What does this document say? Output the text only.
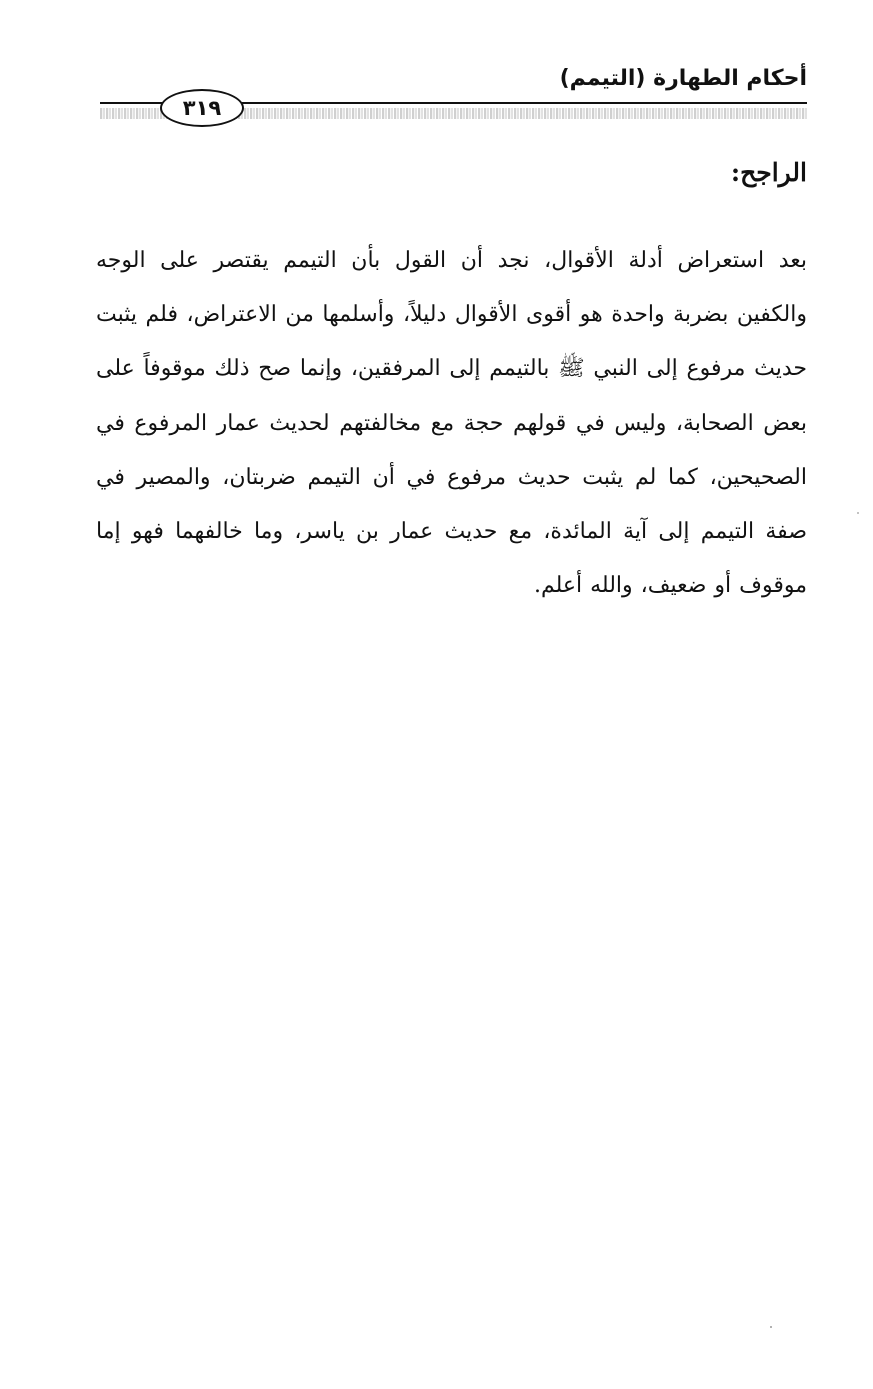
أحكام الطهارة (التيمم)
٣١٩
الراجح:

بعد استعراض أدلة الأقوال، نجد أن القول بأن التيمم يقتصر على الوجه والكفين بضربة واحدة هو أقوى الأقوال دليلاً، وأسلمها من الاعتراض، فلم يثبت حديث مرفوع إلى النبي ﷺ بالتيمم إلى المرفقين، وإنما صح ذلك موقوفاً على بعض الصحابة، وليس في قولهم حجة مع مخالفتهم لحديث عمار المرفوع في الصحيحين، كما لم يثبت حديث مرفوع في أن التيمم ضربتان، والمصير في صفة التيمم إلى آية المائدة، مع حديث عمار بن ياسر، وما خالفهما فهو إما موقوف أو ضعيف، والله أعلم.
